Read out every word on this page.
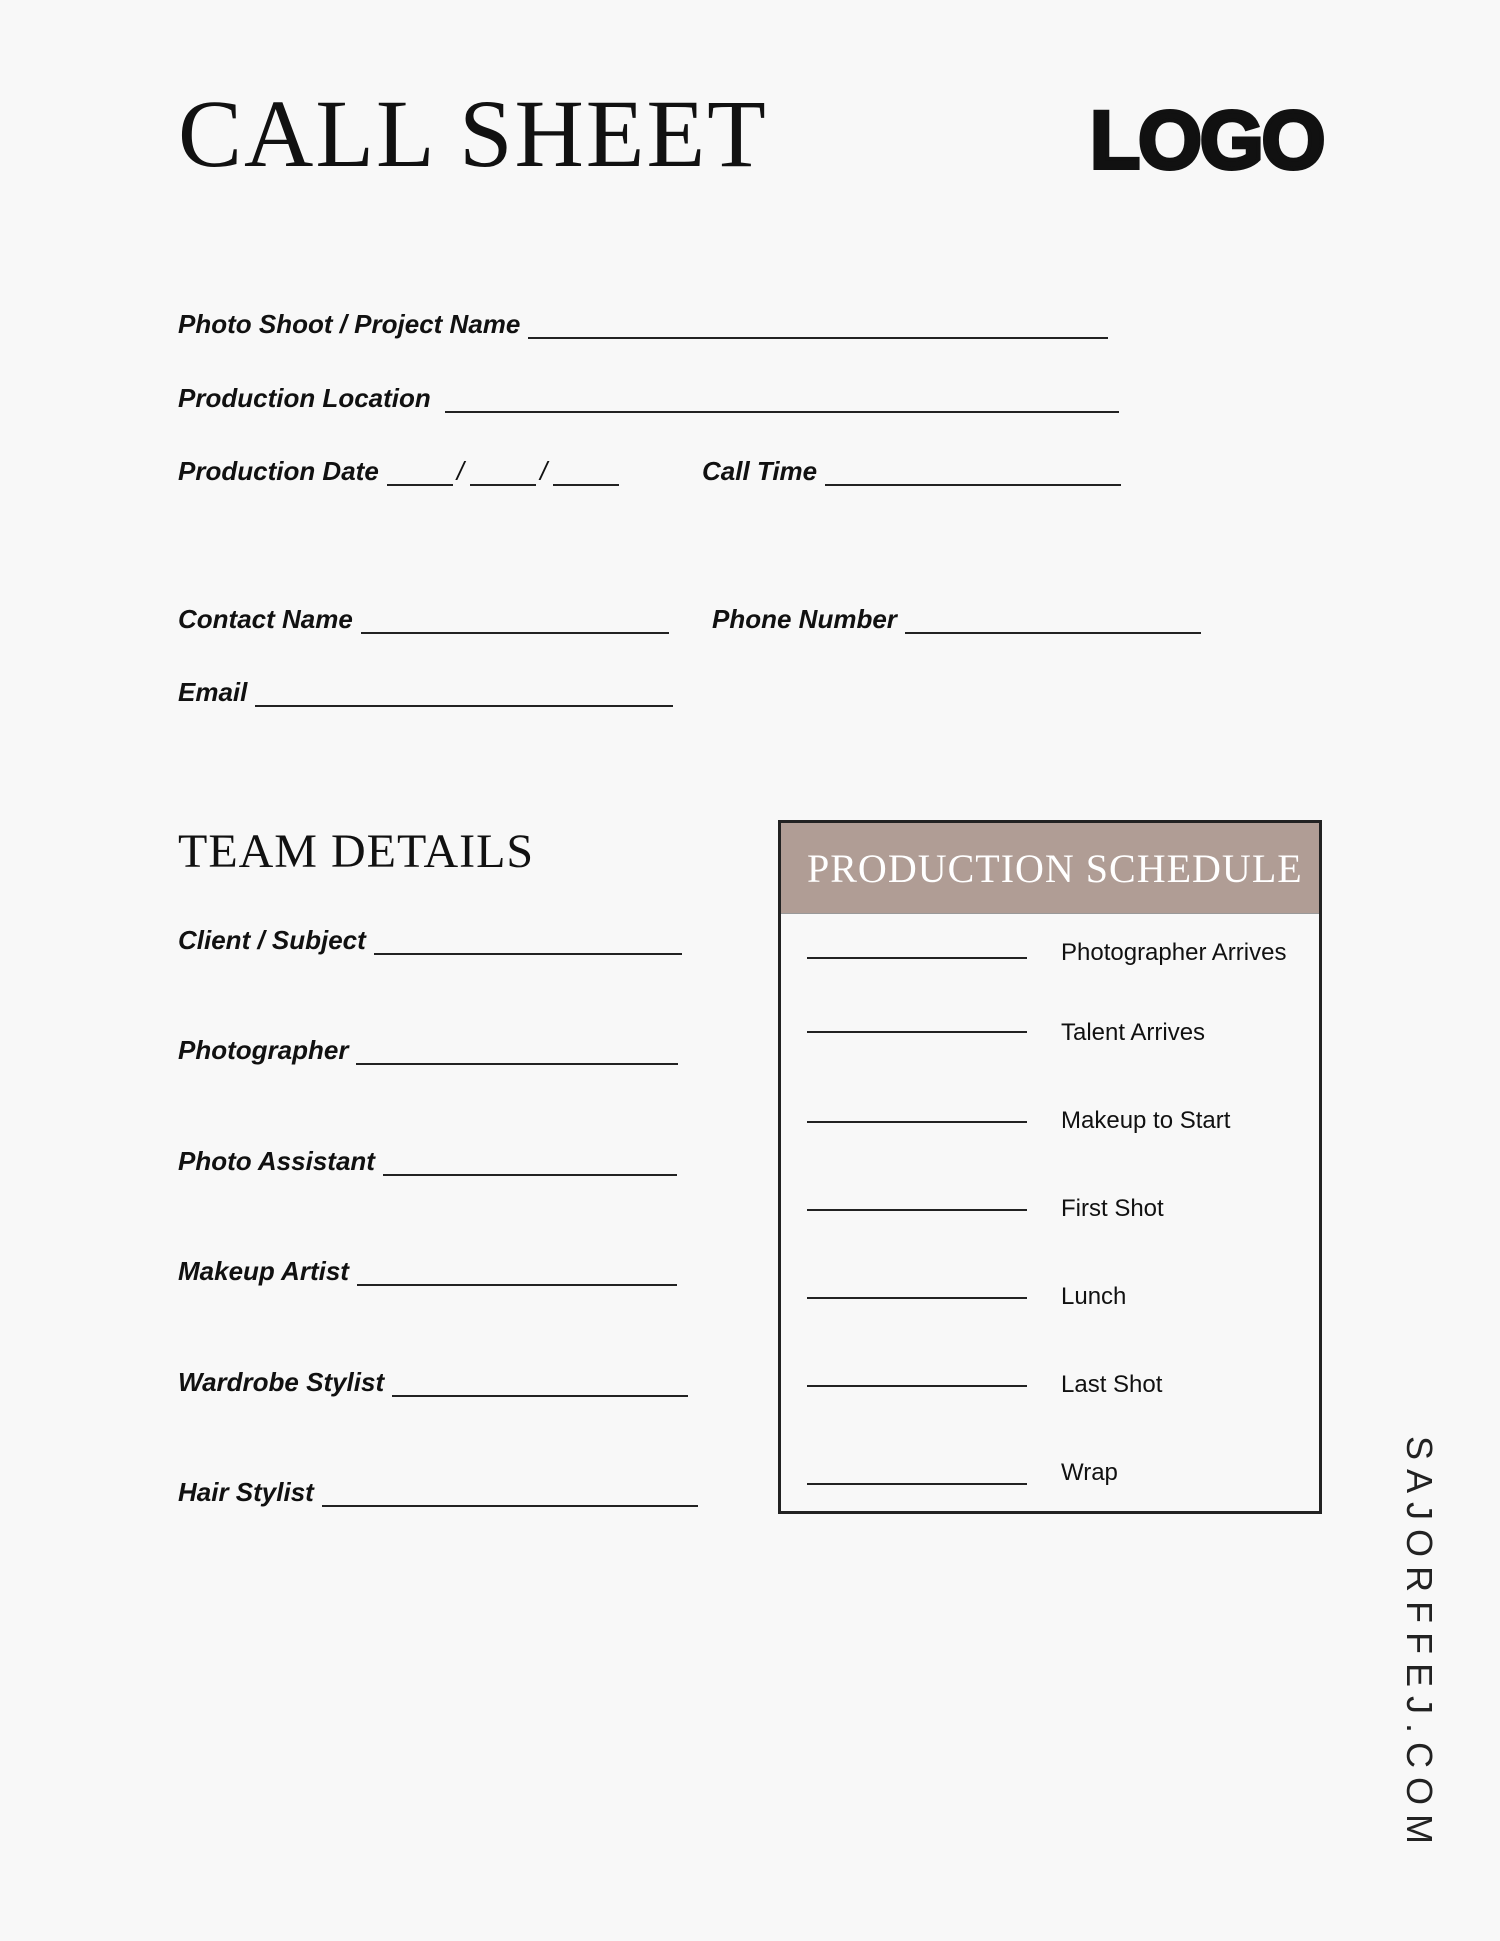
CALL SHEET	LOGO
Photo Shoot / Project Name
Production Location
Production Date	/	/	Call Time
Contact Name	Phone Number
Email
TEAM DETAILS
Client / Subject
Photographer
Photo Assistant
Makeup Artist
Wardrobe Stylist
Hair Stylist
PRODUCTION SCHEDULE
Photographer Arrives
Talent Arrives
Makeup to Start
First Shot
Lunch
Last Shot
Wrap	SAJORFFEJ.COM
